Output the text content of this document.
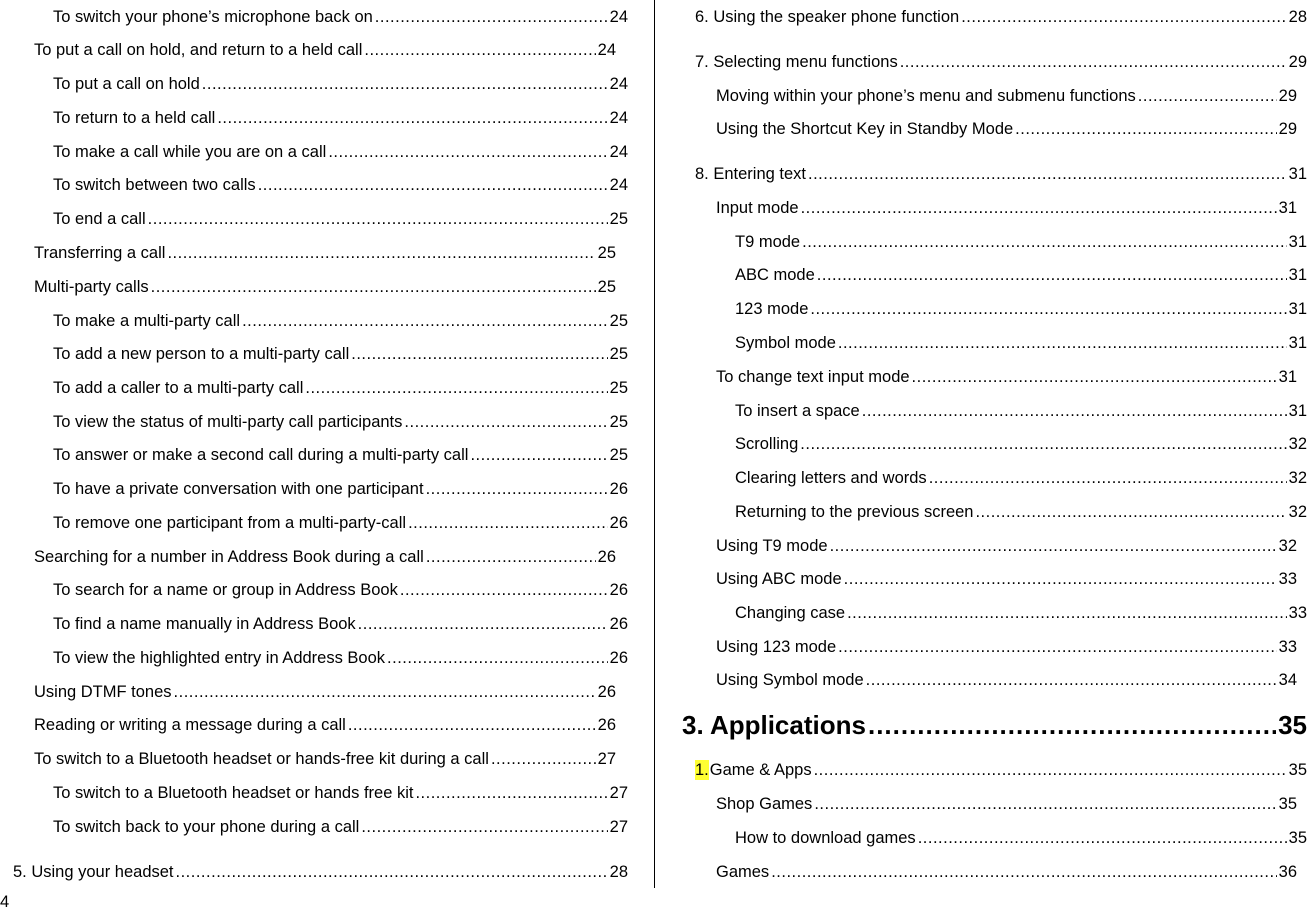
To switch your phone’s microphone back on .....	24
To put a call on hold, and return to a held call .....	24
To put a call on hold .....	24
To return to a held call .....	24
To make a call while you are on a call .....	24
To switch between two calls .....	24
To end a call .....	25
Transferring a call .....	25
Multi-party calls .....	25
To make a multi-party call .....	25
To add a new person to a multi-party call .....	25
To add a caller to a multi-party call .....	25
To view the status of multi-party call participants .....	25
To answer or make a second call during a multi-party call .....	25
To have a private conversation with one participant .....	26
To remove one participant from a multi-party-call .....	26
Searching for a number in Address Book during a call .....	26
To search for a name or group in Address Book .....	26
To find a name manually in Address Book .....	26
To view the highlighted entry in Address Book .....	26
Using DTMF tones .....	26
Reading or writing a message during a call .....	26
To switch to a Bluetooth headset or hands-free kit during a call .....	27
To switch to a Bluetooth headset or hands free kit .....	27
To switch back to your phone during a call .....	27
5. Using your headset .....	28
6. Using the speaker phone function .....	28
7. Selecting menu functions .....	29
Moving within your phone’s menu and submenu functions .....	29
Using the Shortcut Key in Standby Mode .....	29
8. Entering text .....	31
Input mode .....	31
T9 mode .....	31
ABC mode .....	31
123 mode .....	31
Symbol mode .....	31
To change text input mode .....	31
To insert a space .....	31
Scrolling .....	32
Clearing letters and words .....	32
Returning to the previous screen .....	32
Using T9 mode .....	32
Using ABC mode .....	33
Changing case .....	33
Using 123 mode .....	33
Using Symbol mode .....	34
3. Applications .....	35
1. Game & Apps .....	35
Shop Games .....	35
How to download games .....	35
Games .....	36
4
